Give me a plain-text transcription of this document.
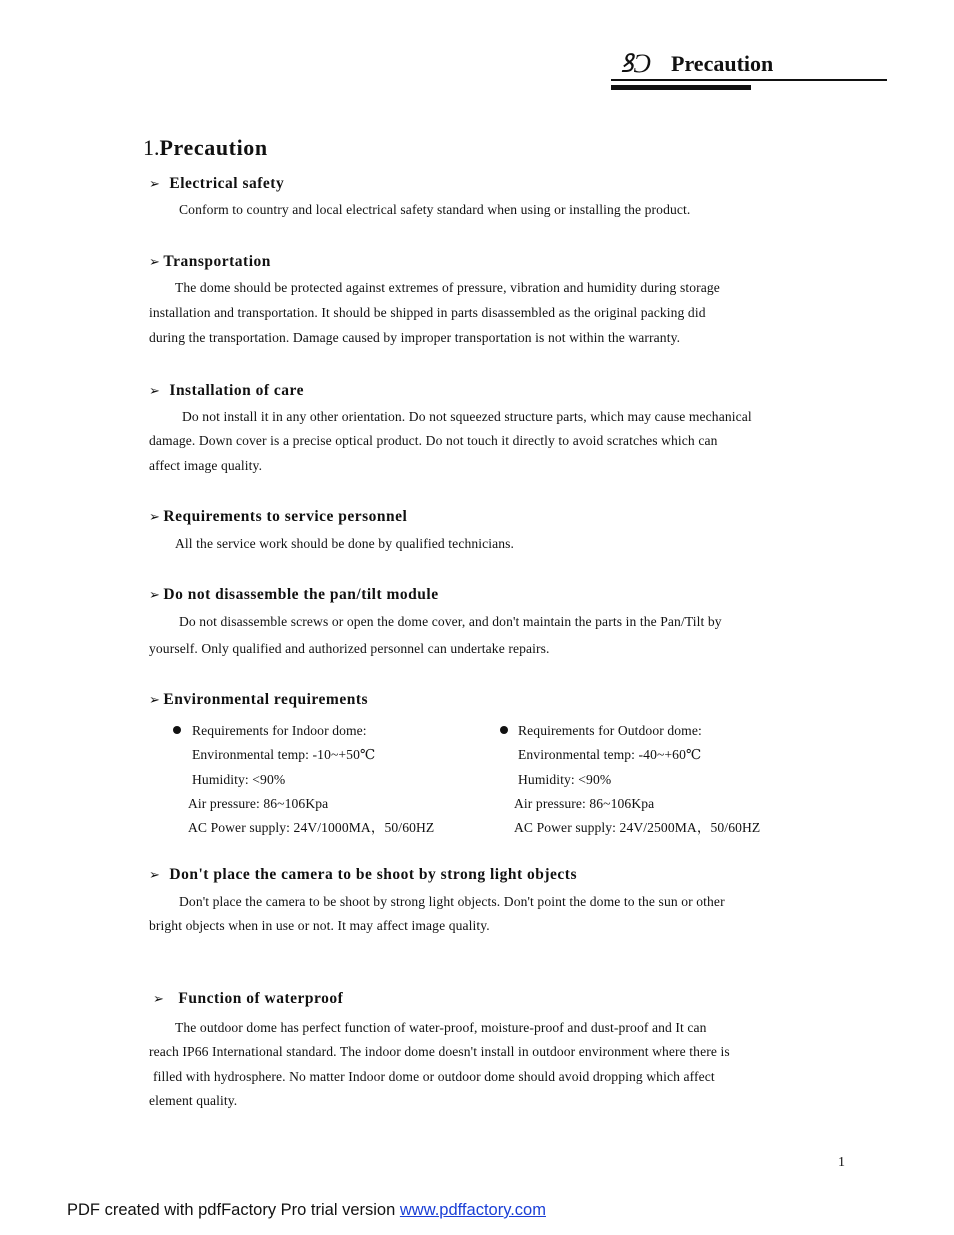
ꝸϽ Precaution
1.Precaution
➢ Electrical safety
Conform to country and local electrical safety standard when using or installing the product.
➢ Transportation
The dome should be protected against extremes of pressure, vibration and humidity during storage
installation and transportation. It should be shipped in parts disassembled as the original packing did
during the transportation. Damage caused by improper transportation is not within the warranty.
➢ Installation of care
Do not install it in any other orientation. Do not squeezed structure parts, which may cause mechanical
damage. Down cover is a precise optical product. Do not touch it directly to avoid scratches which can
affect image quality.
➢ Requirements to service personnel
All the service work should be done by qualified technicians.
➢ Do not disassemble the pan/tilt module
Do not disassemble screws or open the dome cover, and don't maintain the parts in the Pan/Tilt by
yourself. Only qualified and authorized personnel can undertake repairs.
➢ Environmental requirements
Requirements for Indoor dome:
Environmental temp: -10~+50℃
Humidity: <90%
Air pressure: 86~106Kpa
AC Power supply: 24V/1000MA，50/60HZ
Requirements for Outdoor dome:
Environmental temp: -40~+60℃
Humidity: <90%
Air pressure: 86~106Kpa
AC Power supply: 24V/2500MA，50/60HZ
➢ Don't place the camera to be shoot by strong light objects
Don't place the camera to be shoot by strong light objects. Don't point the dome to the sun or other
bright objects when in use or not. It may affect image quality.
➢ Function of waterproof
The outdoor dome has perfect function of water-proof, moisture-proof and dust-proof and It can
reach IP66 International standard. The indoor dome doesn't install in outdoor environment where there is
filled with hydrosphere. No matter Indoor dome or outdoor dome should avoid dropping which affect
element quality.
1
PDF created with pdfFactory Pro trial version www.pdffactory.com
